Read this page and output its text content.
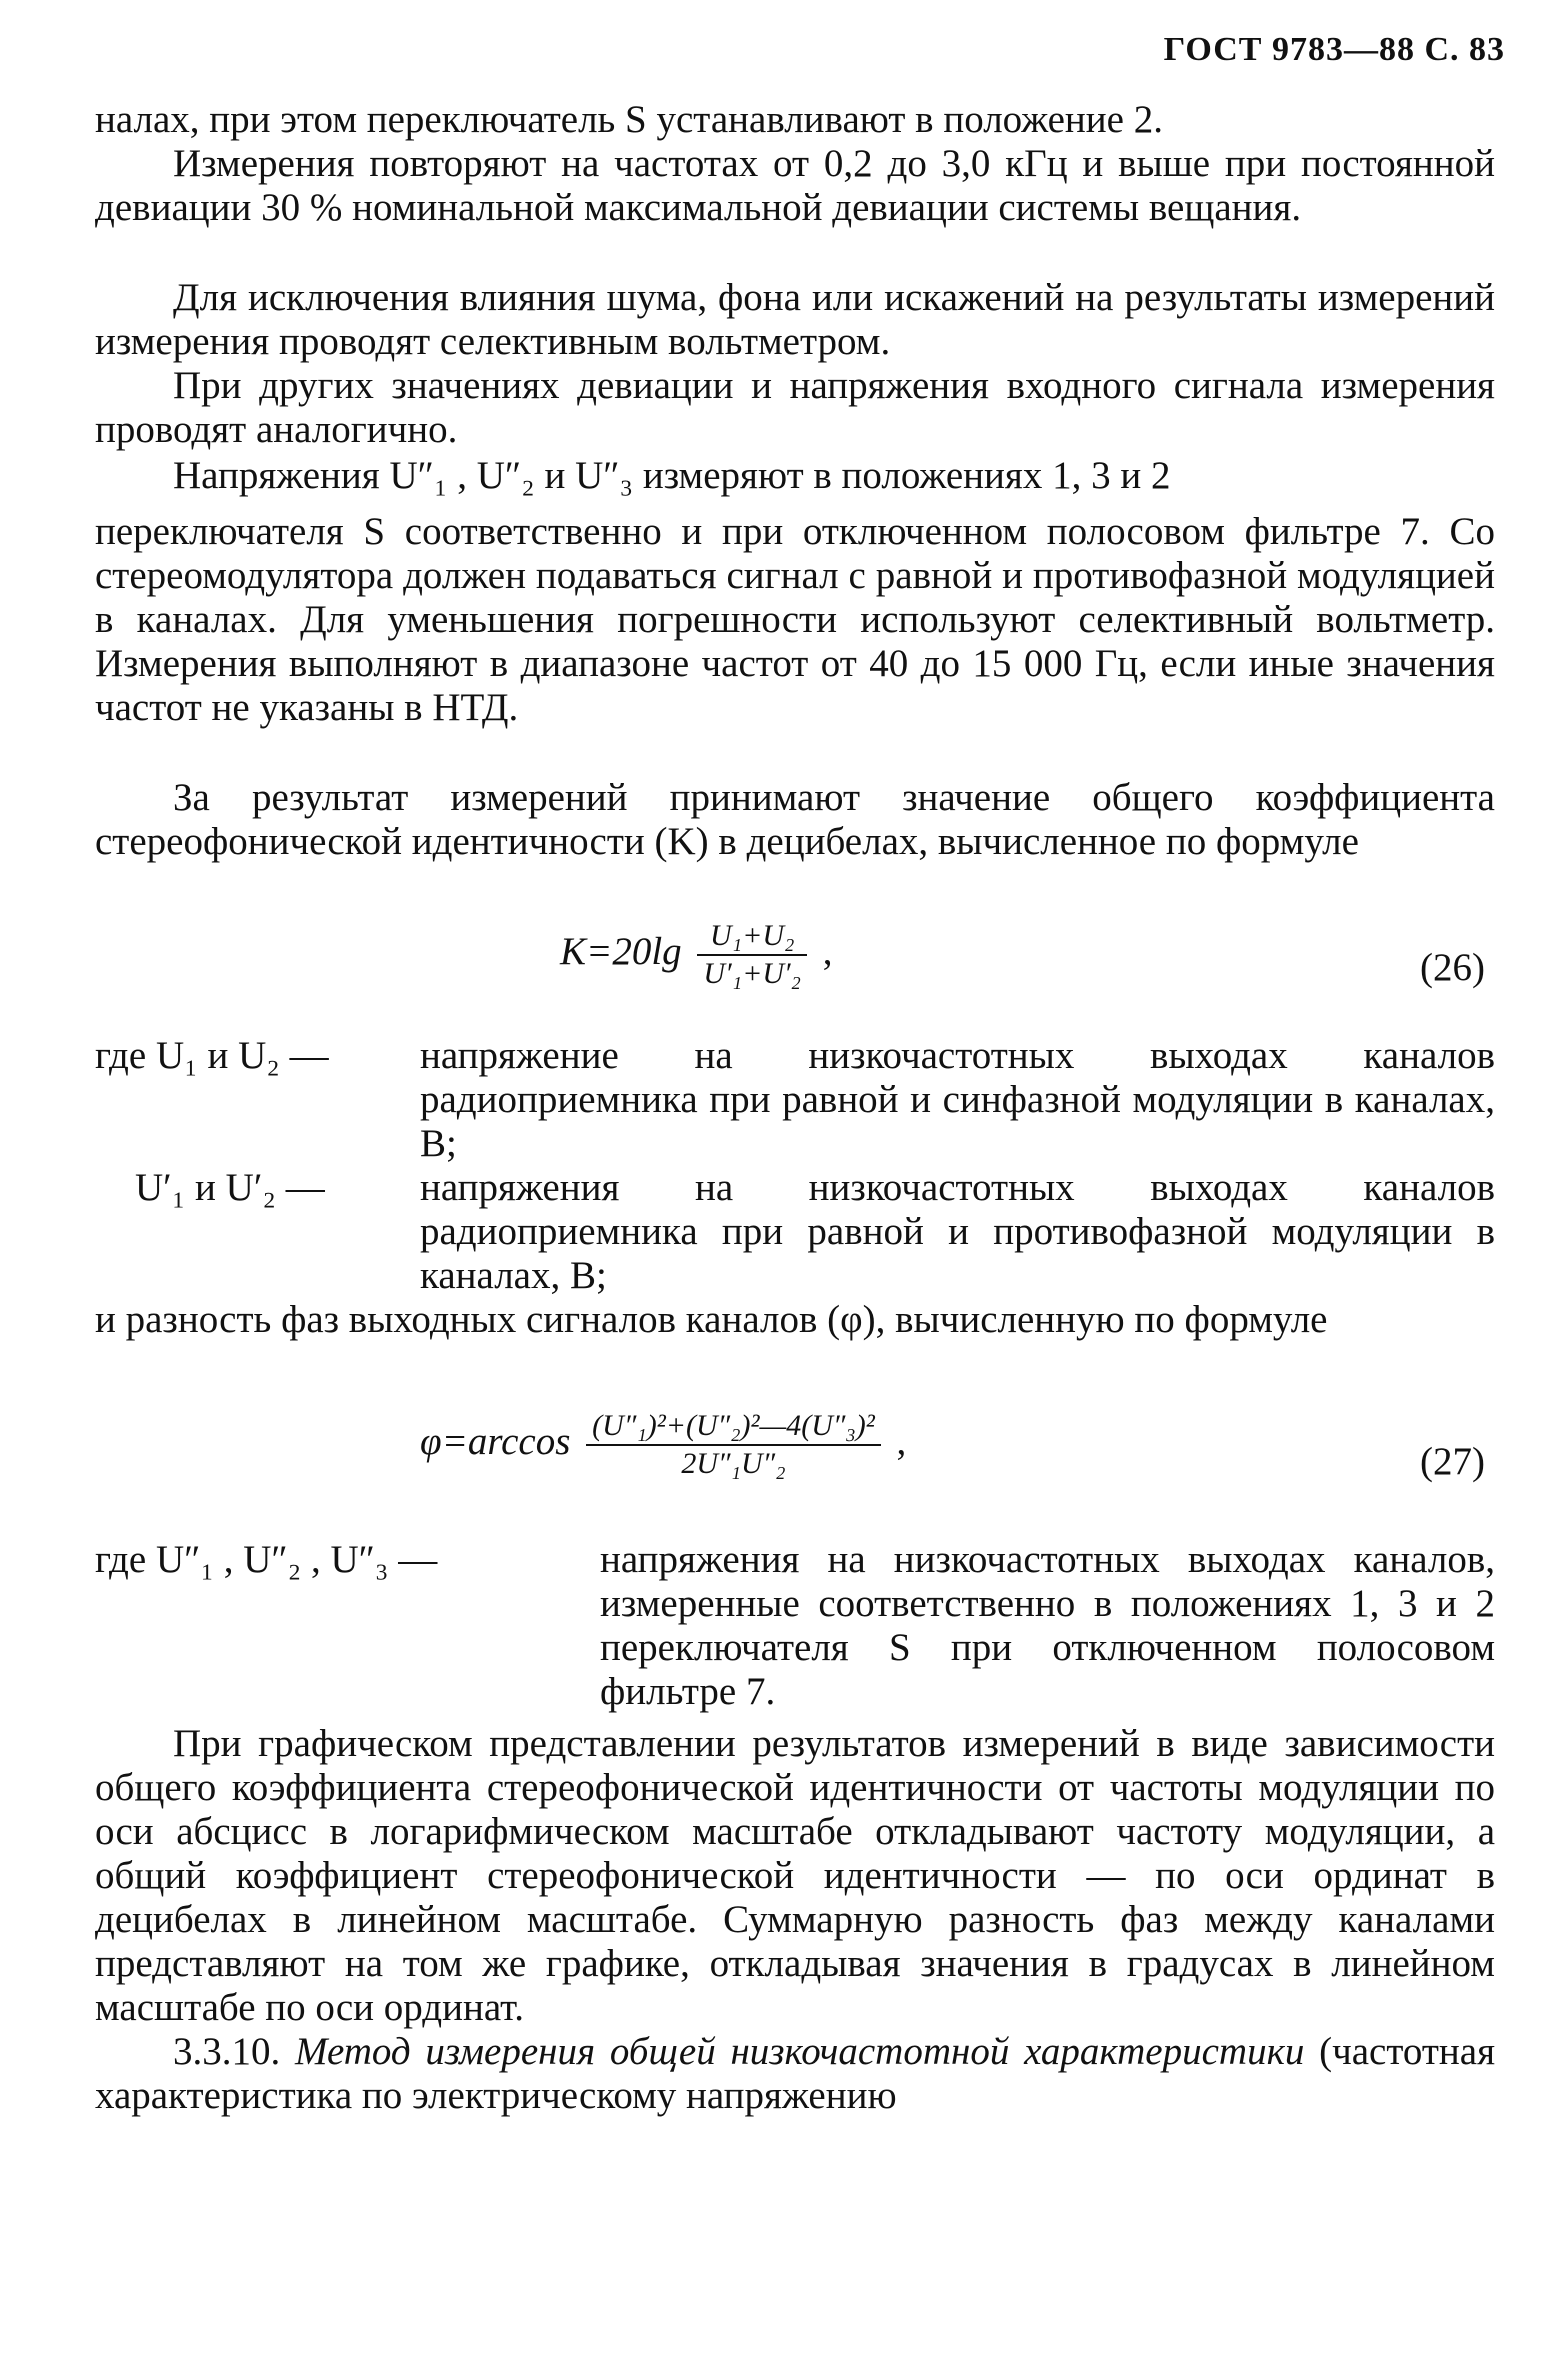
ГОСТ 9783—88 С. 83
налах, при этом переключатель S устанавливают в положение 2.
Измерения повторяют на частотах от 0,2 до 3,0 кГц и выше при постоянной девиации 30 % номинальной максимальной девиации системы вещания.
Для исключения влияния шума, фона или искажений на результаты измерений измерения проводят селективным вольтметром.
При других значениях девиации и напряжения входного сигнала измерения проводят аналогично.
Напряжения U″₁ , U″₂ и U″₃ измеряют в положениях 1, 3 и 2
переключателя S соответственно и при отключенном полосовом фильтре 7. Со стереомодулятора должен подаваться сигнал с равной и противофазной модуляцией в каналах. Для уменьшения погрешности используют селективный вольтметр. Измерения выполняют в диапазоне частот от 40 до 15 000 Гц, если иные значения частот не указаны в НТД.
За результат измерений принимают значение общего коэффициента стереофонической идентичности (K) в децибелах, вычисленное по формуле
$K=20\lg \frac{\text{U₁+U₂}}{\text{U′₁+U′₂}}$ ,	(26)
где U₁ и U₂ — напряжение на низкочастотных выходах каналов радиоприемника при равной и синфазной модуляции в каналах, В;
U′₁ и U′₂ — напряжения на низкочастотных выходах каналов радиоприемника при равной и противофазной модуляции в каналах, В;
и разность фаз выходных сигналов каналов (φ), вычисленную по формуле
$\varphi=\arccos \frac{\text{(U″₁)²+(U″₂)²—4(U″₃)²}}{\text{2U″₁U″₂}}$ ,	(27)
где U″₁ , U″₂ , U″₃ —	напряжения на низкочастотных выходах каналов, измеренные соответственно в положениях 1, 3 и 2 переключателя S при отключенном полосовом фильтре 7.
При графическом представлении результатов измерений в виде зависимости общего коэффициента стереофонической идентичности от частоты модуляции по оси абсцисс в логарифмическом масштабе откладывают частоту модуляции, а общий коэффициент стереофонической идентичности — по оси ординат в децибелах в линейном масштабе. Суммарную разность фаз между каналами представляют на том же графике, откладывая значения в градусах в линейном масштабе по оси ординат.
3.3.10. Метод измерения общей низкочастотной характеристики (частотная характеристика по электрическому напряжению
